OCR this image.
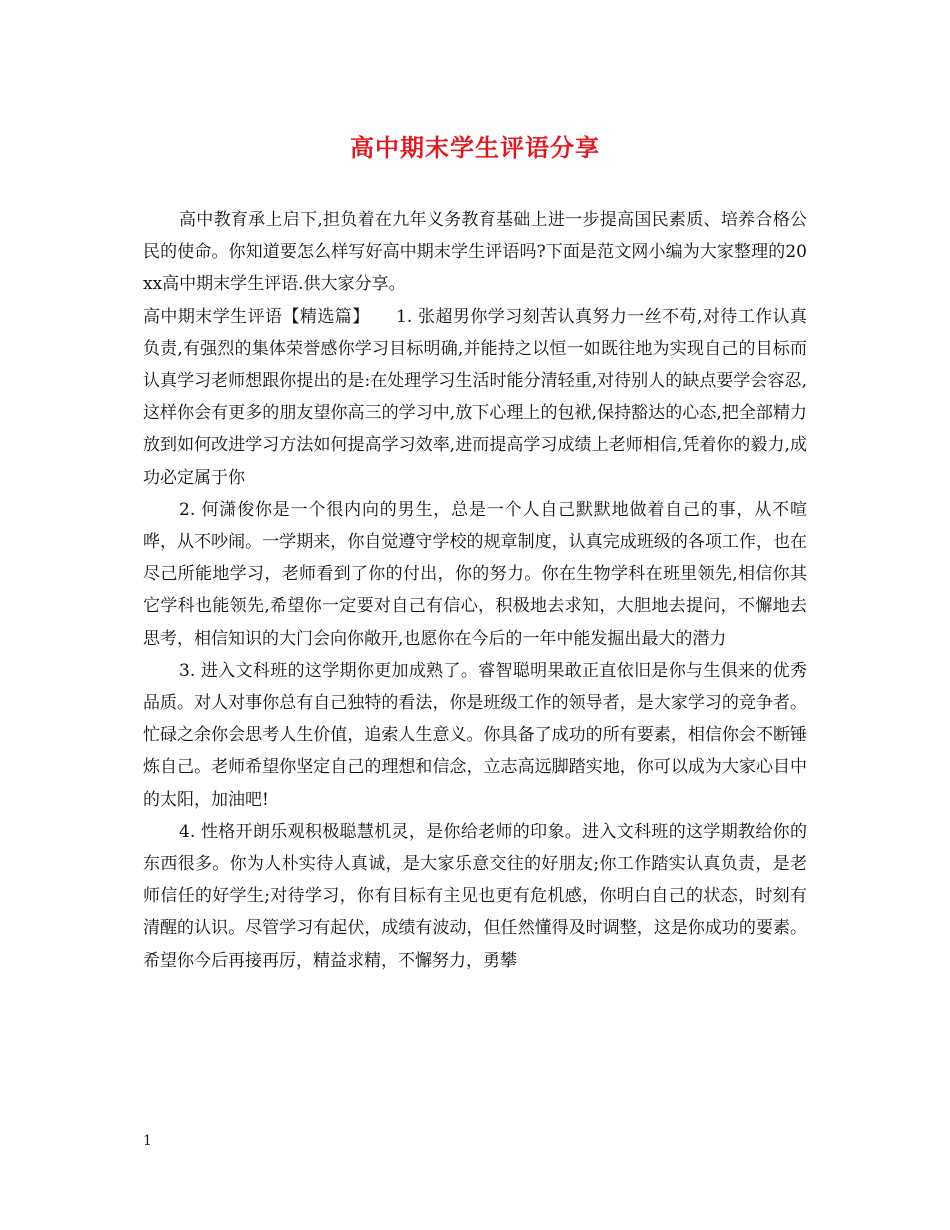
高中期末学生评语分享

高中教育承上启下,担负着在九年义务教育基础上进一步提高国民素质、培养合格公民的使命。你知道要怎么样写好高中期末学生评语吗?下面是范文网小编为大家整理的20xx高中期末学生评语.供大家分享。

高中期末学生评语【精选篇】　　1. 张超男你学习刻苦认真努力一丝不苟,对待工作认真负责,有强烈的集体荣誉感你学习目标明确,并能持之以恒一如既往地为实现自己的目标而认真学习老师想跟你提出的是:在处理学习生活时能分清轻重,对待别人的缺点要学会容忍,这样你会有更多的朋友望你高三的学习中,放下心理上的包袱,保持豁达的心态,把全部精力放到如何改进学习方法如何提高学习效率,进而提高学习成绩上老师相信,凭着你的毅力,成功必定属于你

2. 何潇俊你是一个很内向的男生，总是一个人自己默默地做着自己的事，从不喧哗，从不吵闹。一学期来，你自觉遵守学校的规章制度，认真完成班级的各项工作，也在尽己所能地学习，老师看到了你的付出，你的努力。你在生物学科在班里领先,相信你其它学科也能领先,希望你一定要对自己有信心，积极地去求知，大胆地去提问，不懈地去思考，相信知识的大门会向你敞开,也愿你在今后的一年中能发掘出最大的潜力

3. 进入文科班的这学期你更加成熟了。睿智聪明果敢正直依旧是你与生俱来的优秀品质。对人对事你总有自己独特的看法，你是班级工作的领导者，是大家学习的竞争者。忙碌之余你会思考人生价值，追索人生意义。你具备了成功的所有要素，相信你会不断锤炼自己。老师希望你坚定自己的理想和信念，立志高远脚踏实地，你可以成为大家心目中的太阳，加油吧!

4. 性格开朗乐观积极聪慧机灵，是你给老师的印象。进入文科班的这学期教给你的东西很多。你为人朴实待人真诚，是大家乐意交往的好朋友;你工作踏实认真负责，是老师信任的好学生;对待学习，你有目标有主见也更有危机感，你明白自己的状态，时刻有清醒的认识。尽管学习有起伏，成绩有波动，但任然懂得及时调整，这是你成功的要素。希望你今后再接再厉，精益求精，不懈努力，勇攀

1
